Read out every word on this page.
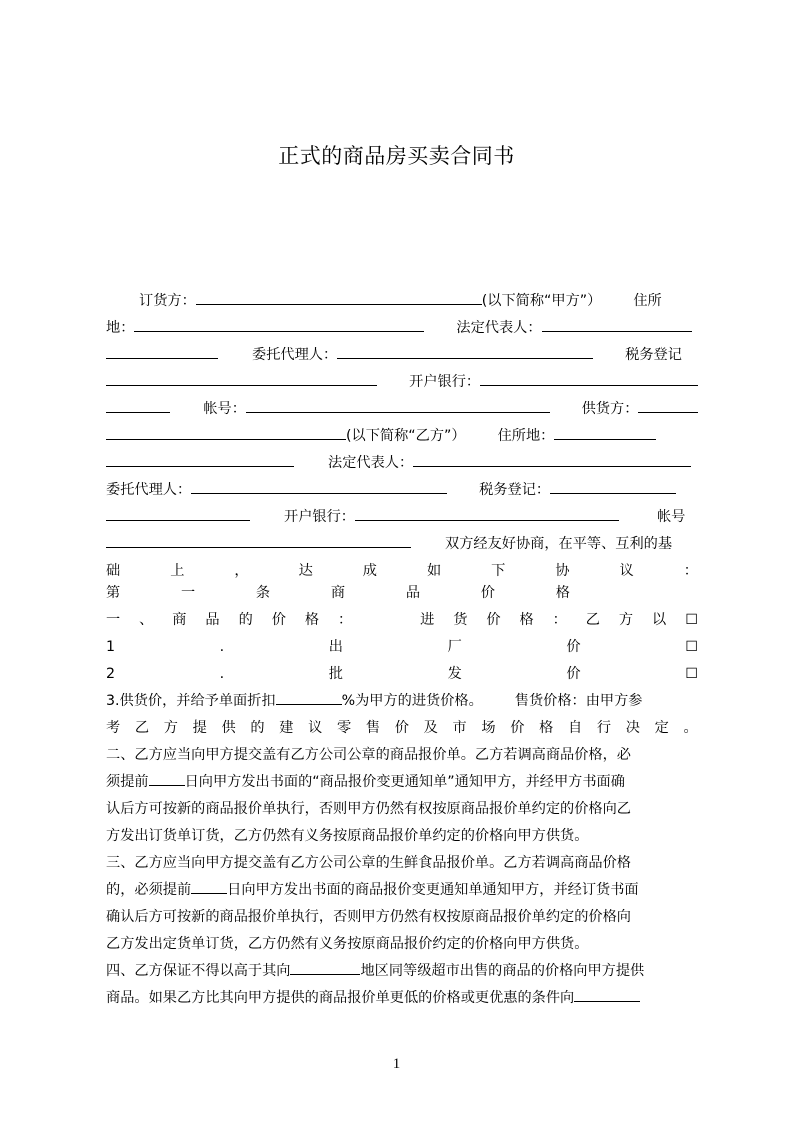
正式的商品房买卖合同书
订货方：	(以下简称“甲方”） 住所
地：	法定代表人：
委托代理人：	税务登记
开户银行：
帐号：	供货方：
(以下简称“乙方”） 住所地：
法定代表人：
委托代理人：	税务登记：
开户银行：	帐号
双方经友好协商，在平等、互利的基
础	上	，	达	成	如	下	协	议	：
第	一	条	商	品	价	格
一 、 商 品 的 价 格 ：	进 货 价 格 ： 乙 方 以 ☐
1	.	出	厂	价	☐
2	.	批	发	价	☐
3.供货价，并给予单面折扣	%为甲方的进货价格。 售货价格：由甲方参
考 乙 方 提 供 的 建 议 零 售 价 及 市 场 价 格 自 行 决 定 。
二、乙方应当向甲方提交盖有乙方公司公章的商品报价单。乙方若调高商品价格，必
须提前	日向甲方发出书面的“商品报价变更通知单”通知甲方，并经甲方书面确
认后方可按新的商品报价单执行，否则甲方仍然有权按原商品报价单约定的价格向乙
方发出订货单订货，乙方仍然有义务按原商品报价单约定的价格向甲方供货。
三、乙方应当向甲方提交盖有乙方公司公章的生鲜食品报价单。乙方若调高商品价格
的，必须提前	日向甲方发出书面的商品报价变更通知单通知甲方，并经订货书面
确认后方可按新的商品报价单执行，否则甲方仍然有权按原商品报价单约定的价格向
乙方发出定货单订货，乙方仍然有义务按原商品报价约定的价格向甲方供货。
四、乙方保证不得以高于其向	地区同等级超市出售的商品的价格向甲方提供
商品。如果乙方比其向甲方提供的商品报价单更低的价格或更优惠的条件向
1
